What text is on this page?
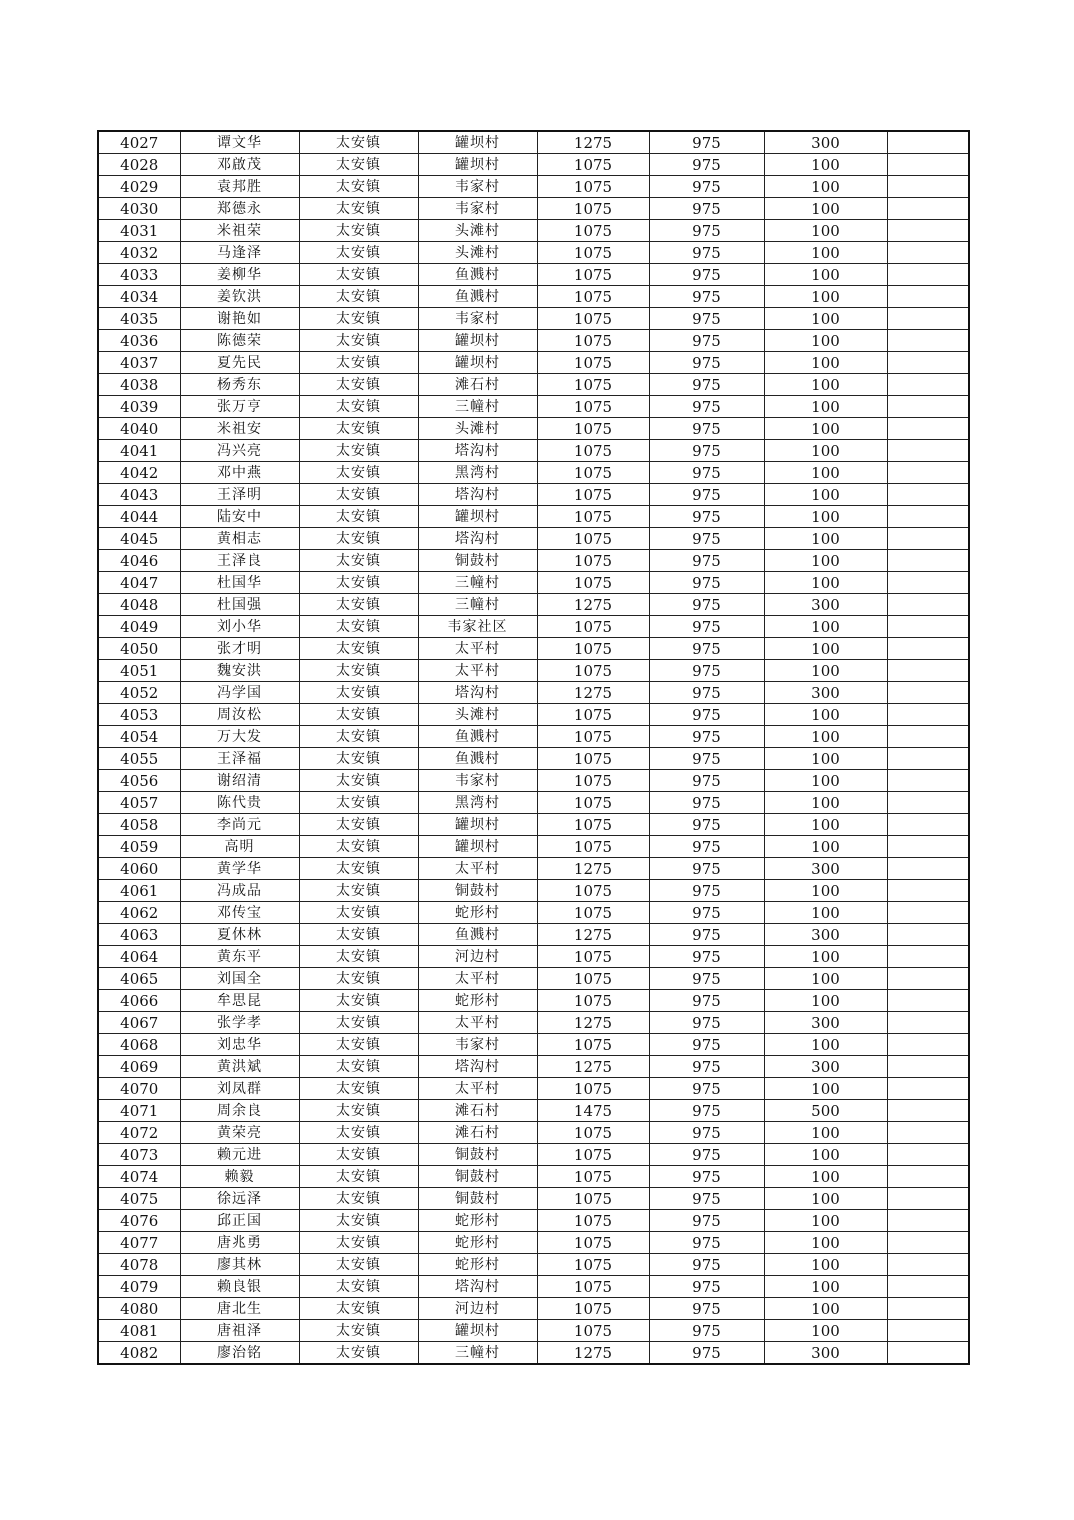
4027	谭文华	太安镇	罐坝村	1275	975	300	
4028	邓啟茂	太安镇	罐坝村	1075	975	100	
4029	袁邦胜	太安镇	韦家村	1075	975	100	
4030	郑德永	太安镇	韦家村	1075	975	100	
4031	米祖荣	太安镇	头滩村	1075	975	100	
4032	马逢泽	太安镇	头滩村	1075	975	100	
4033	姜柳华	太安镇	鱼溅村	1075	975	100	
4034	姜钦洪	太安镇	鱼溅村	1075	975	100	
4035	谢艳如	太安镇	韦家村	1075	975	100	
4036	陈德荣	太安镇	罐坝村	1075	975	100	
4037	夏先民	太安镇	罐坝村	1075	975	100	
4038	杨秀东	太安镇	滩石村	1075	975	100	
4039	张万亨	太安镇	三幢村	1075	975	100	
4040	米祖安	太安镇	头滩村	1075	975	100	
4041	冯兴亮	太安镇	塔沟村	1075	975	100	
4042	邓中燕	太安镇	黑湾村	1075	975	100	
4043	王泽明	太安镇	塔沟村	1075	975	100	
4044	陆安中	太安镇	罐坝村	1075	975	100	
4045	黄相志	太安镇	塔沟村	1075	975	100	
4046	王泽良	太安镇	铜鼓村	1075	975	100	
4047	杜国华	太安镇	三幢村	1075	975	100	
4048	杜国强	太安镇	三幢村	1275	975	300	
4049	刘小华	太安镇	韦家社区	1075	975	100	
4050	张才明	太安镇	太平村	1075	975	100	
4051	魏安洪	太安镇	太平村	1075	975	100	
4052	冯学国	太安镇	塔沟村	1275	975	300	
4053	周汝松	太安镇	头滩村	1075	975	100	
4054	万大发	太安镇	鱼溅村	1075	975	100	
4055	王泽福	太安镇	鱼溅村	1075	975	100	
4056	谢绍清	太安镇	韦家村	1075	975	100	
4057	陈代贵	太安镇	黑湾村	1075	975	100	
4058	李尚元	太安镇	罐坝村	1075	975	100	
4059	高明	太安镇	罐坝村	1075	975	100	
4060	黄学华	太安镇	太平村	1275	975	300	
4061	冯成品	太安镇	铜鼓村	1075	975	100	
4062	邓传宝	太安镇	蛇形村	1075	975	100	
4063	夏休林	太安镇	鱼溅村	1275	975	300	
4064	黄东平	太安镇	河边村	1075	975	100	
4065	刘国全	太安镇	太平村	1075	975	100	
4066	牟思昆	太安镇	蛇形村	1075	975	100	
4067	张学孝	太安镇	太平村	1275	975	300	
4068	刘忠华	太安镇	韦家村	1075	975	100	
4069	黄洪斌	太安镇	塔沟村	1275	975	300	
4070	刘凤群	太安镇	太平村	1075	975	100	
4071	周余良	太安镇	滩石村	1475	975	500	
4072	黄荣亮	太安镇	滩石村	1075	975	100	
4073	赖元进	太安镇	铜鼓村	1075	975	100	
4074	赖毅	太安镇	铜鼓村	1075	975	100	
4075	徐远泽	太安镇	铜鼓村	1075	975	100	
4076	邱正国	太安镇	蛇形村	1075	975	100	
4077	唐兆勇	太安镇	蛇形村	1075	975	100	
4078	廖其林	太安镇	蛇形村	1075	975	100	
4079	赖良银	太安镇	塔沟村	1075	975	100	
4080	唐北生	太安镇	河边村	1075	975	100	
4081	唐祖泽	太安镇	罐坝村	1075	975	100	
4082	廖治铭	太安镇	三幢村	1275	975	300	
